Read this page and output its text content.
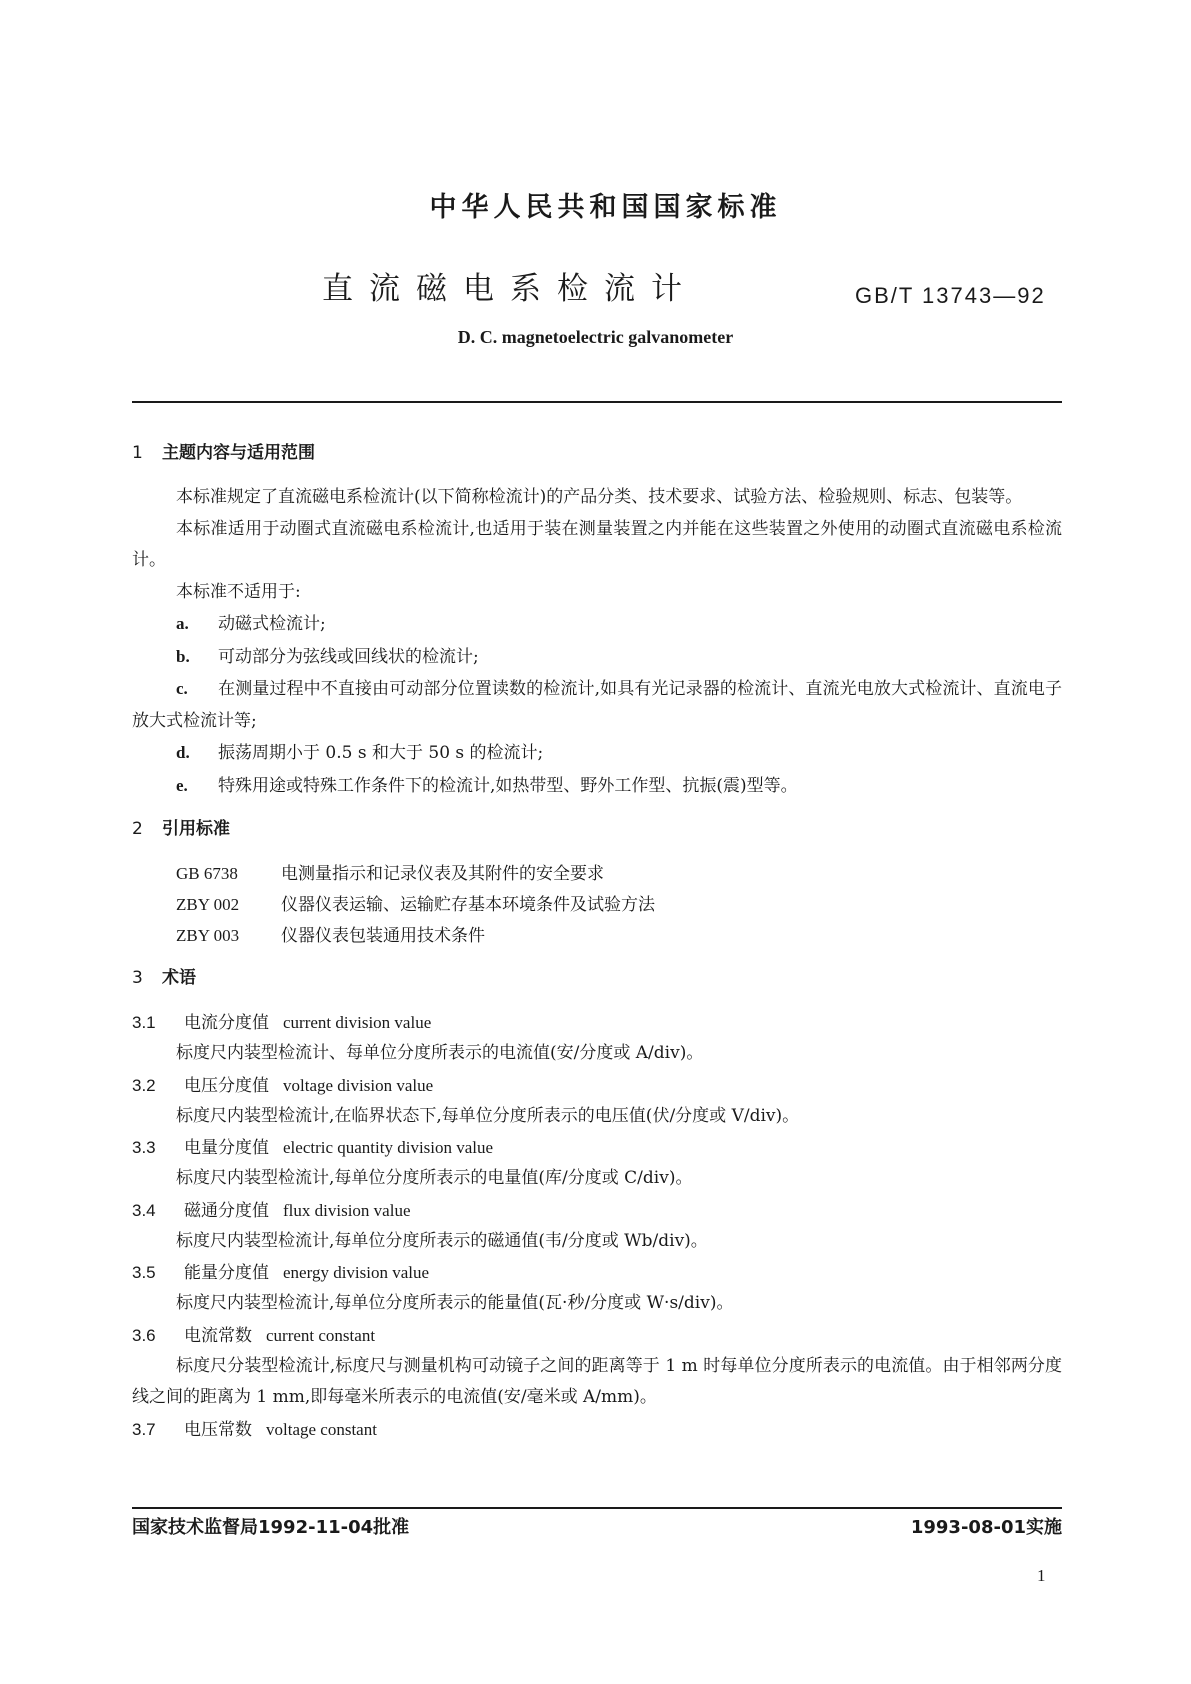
中华人民共和国国家标准
直流磁电系检流计	GB/T 13743—92
D. C. magnetoelectric galvanometer
1 主题内容与适用范围

本标准规定了直流磁电系检流计(以下简称检流计)的产品分类、技术要求、试验方法、检验规则、标志、包装等。

本标准适用于动圈式直流磁电系检流计,也适用于装在测量装置之内并能在这些装置之外使用的动圈式直流磁电系检流计。

本标准不适用于:

a. 动磁式检流计;

b. 可动部分为弦线或回线状的检流计;

c. 在测量过程中不直接由可动部分位置读数的检流计,如具有光记录器的检流计、直流光电放大式检流计、直流电子放大式检流计等;

d. 振荡周期小于 0.5 s 和大于 50 s 的检流计;

e. 特殊用途或特殊工作条件下的检流计,如热带型、野外工作型、抗振(震)型等。

2 引用标准
GB 6738	电测量指示和记录仪表及其附件的安全要求
ZBY 002 仪器仪表运输、运输贮存基本环境条件及试验方法
ZBY 003 仪器仪表包装通用技术条件
3 术语
3.1 电流分度值 current division value

标度尺内装型检流计、每单位分度所表示的电流值(安/分度或 A/div)。

3.2 电压分度值 voltage division value

标度尺内装型检流计,在临界状态下,每单位分度所表示的电压值(伏/分度或 V/div)。

3.3 电量分度值 electric quantity division value

标度尺内装型检流计,每单位分度所表示的电量值(库/分度或 C/div)。

3.4 磁通分度值 flux division value

标度尺内装型检流计,每单位分度所表示的磁通值(韦/分度或 Wb/div)。

3.5 能量分度值 energy division value

标度尺内装型检流计,每单位分度所表示的能量值(瓦·秒/分度或 W·s/div)。

3.6 电流常数 current constant

标度尺分装型检流计,标度尺与测量机构可动镜子之间的距离等于 1 m 时每单位分度所表示的电流值。由于相邻两分度线之间的距离为 1 mm,即每毫米所表示的电流值(安/毫米或 A/mm)。

3.7 电压常数 voltage constant
国家技术监督局1992-11-04批准	1993-08-01实施
1
